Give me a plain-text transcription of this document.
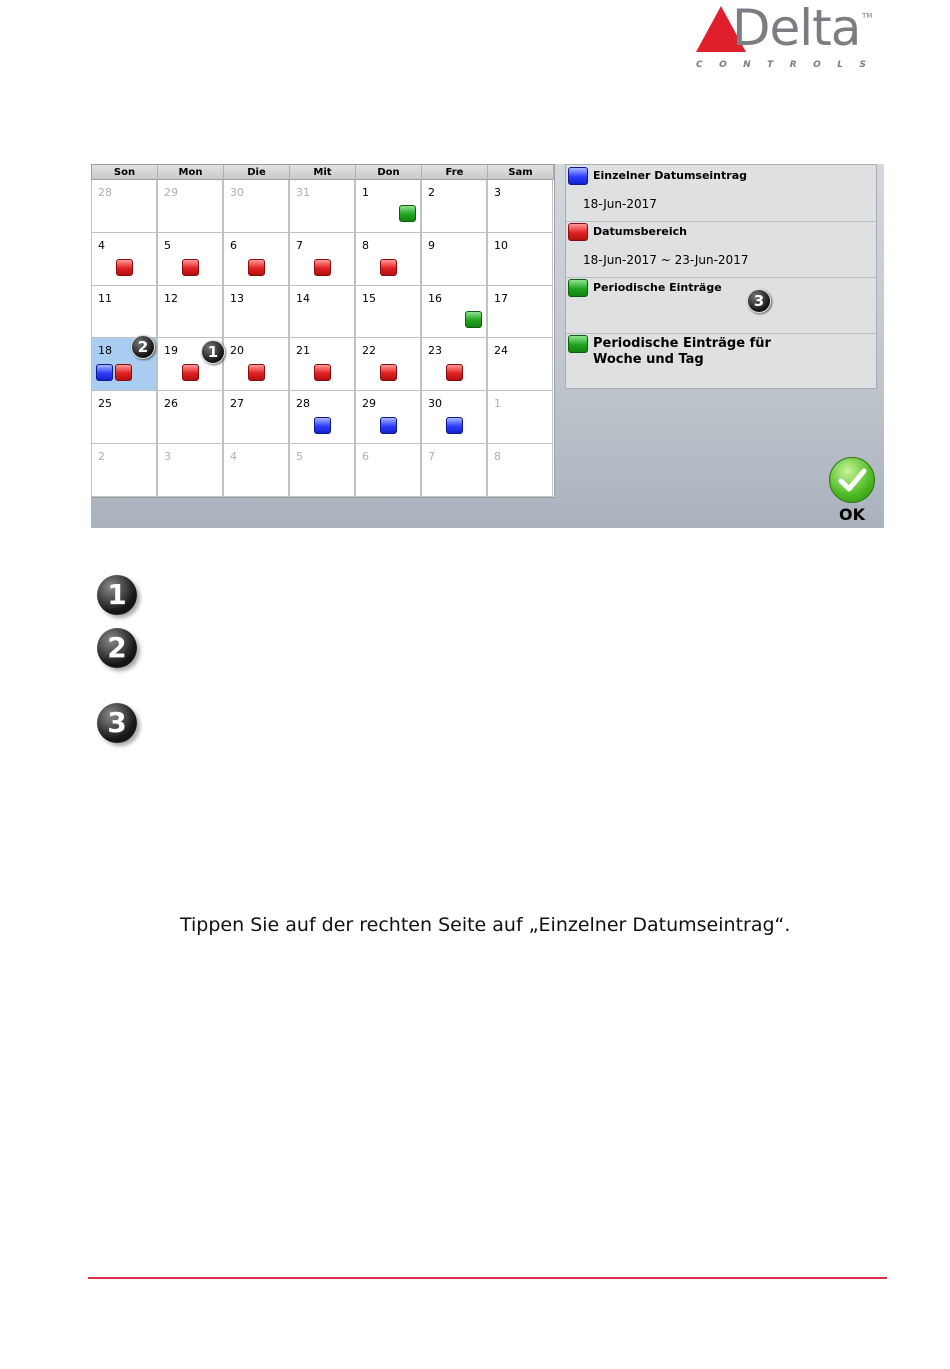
Delta TM
C O N T R O L S
Son	Mon	Die	Mit	Don	Fre	Sam
28	29	30	31	1	2	3
4	5	6	7	8	9	10
11	12	13	14	15	16	17
18	19	20	21	22	23	24
25	26	27	28	29	30	1
2	3	4	5	6	7	8
2	1
Einzelner Datumseintrag
18-Jun-2017
Datumsbereich
18-Jun-2017 ~ 23-Jun-2017
Periodische Einträge
3
Periodische Einträge für
Woche und Tag
OK
1
2
3
Tippen Sie auf der rechten Seite auf „Einzelner Datumseintrag“.
